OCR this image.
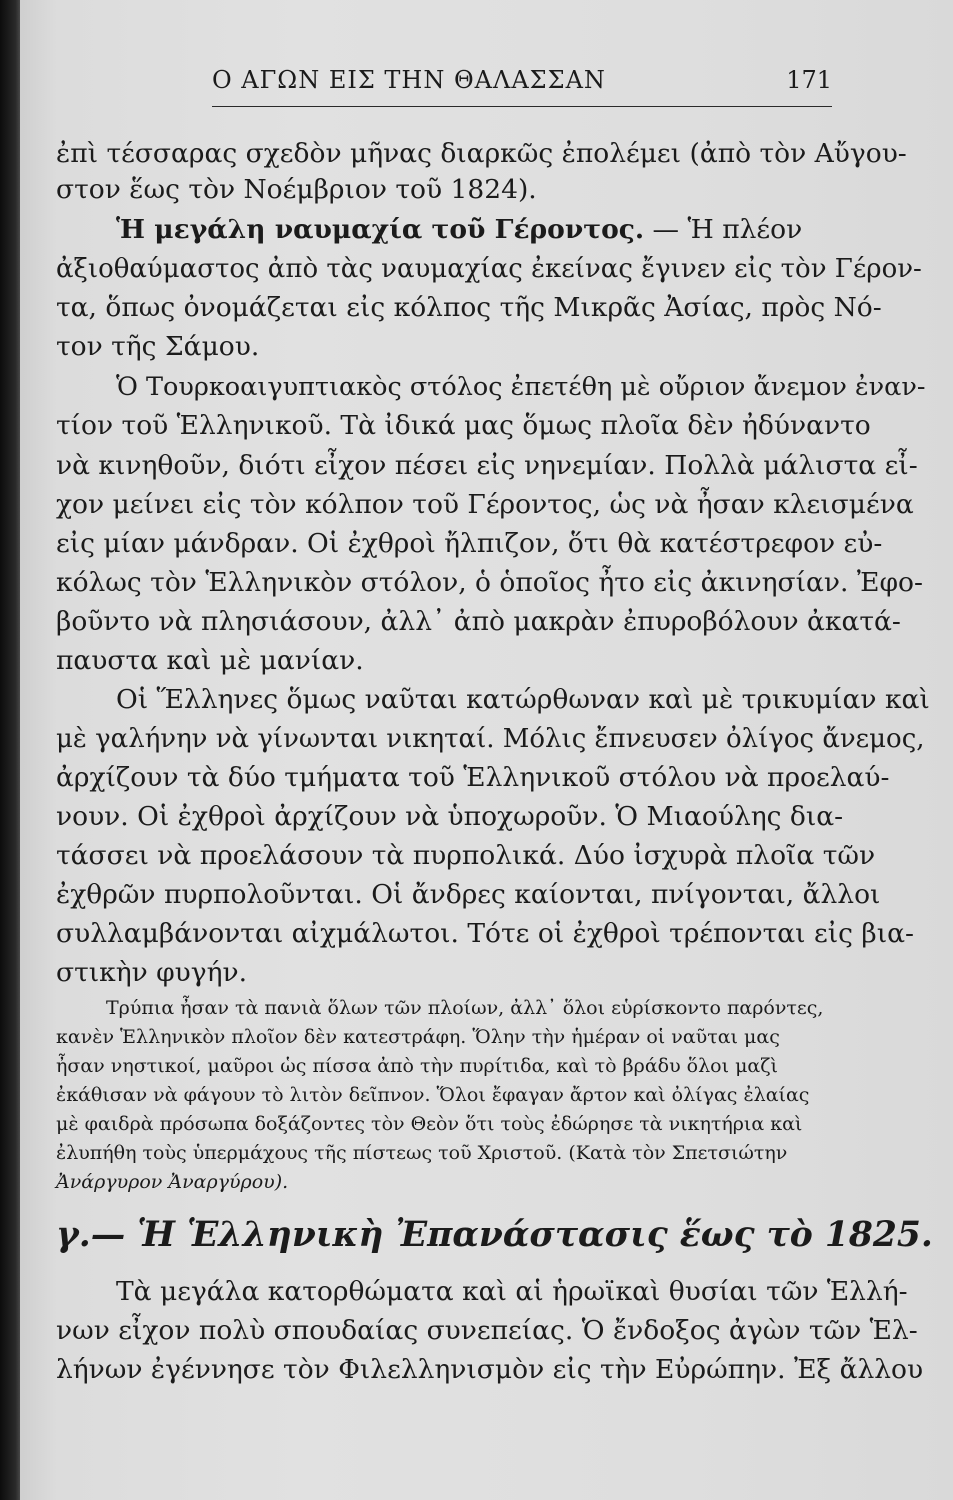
Ο ΑΓΩΝ ΕΙΣ ΤΗΝ ΘΑΛΑΣΣΑΝ	171
ἐπὶ τέσσαρας σχεδὸν μῆνας διαρκῶς ἐπολέμει (ἀπὸ τὸν Αὔγου-
στον ἕως τὸν Νοέμβριον τοῦ 1824).
Ἡ μεγάλη ναυμαχία τοῦ Γέροντος. — Ἡ πλέον
ἀξιοθαύμαστος ἀπὸ τὰς ναυμαχίας ἐκείνας ἔγινεν εἰς τὸν Γέρον-
τα, ὅπως ὀνομάζεται εἰς κόλπος τῆς Μικρᾶς Ἀσίας, πρὸς Νό-
τον τῆς Σάμου.
Ὁ Τουρκοαιγυπτιακὸς στόλος ἐπετέθη μὲ οὔριον ἄνεμον ἐναν-
τίον τοῦ Ἑλληνικοῦ. Τὰ ἰδικά μας ὅμως πλοῖα δὲν ἠδύναντο
νὰ κινηθοῦν, διότι εἶχον πέσει εἰς νηνεμίαν. Πολλὰ μάλιστα εἶ-
χον μείνει εἰς τὸν κόλπον τοῦ Γέροντος, ὡς νὰ ἦσαν κλεισμένα
εἰς μίαν μάνδραν. Οἱ ἐχθροὶ ἤλπιζον, ὅτι θὰ κατέστρεφον εὐ-
κόλως τὸν Ἑλληνικὸν στόλον, ὁ ὁποῖος ἦτο εἰς ἀκινησίαν. Ἐφο-
βοῦντο νὰ πλησιάσουν, ἀλλ᾽ ἀπὸ μακρὰν ἐπυροβόλουν ἀκατά-
παυστα καὶ μὲ μανίαν.
Οἱ Ἕλληνες ὅμως ναῦται κατώρθωναν καὶ μὲ τρικυμίαν καὶ
μὲ γαλήνην νὰ γίνωνται νικηταί. Μόλις ἔπνευσεν ὀλίγος ἄνεμος,
ἀρχίζουν τὰ δύο τμήματα τοῦ Ἑλληνικοῦ στόλου νὰ προελαύ-
νουν. Οἱ ἐχθροὶ ἀρχίζουν νὰ ὑποχωροῦν. Ὁ Μιαούλης δια-
τάσσει νὰ προελάσουν τὰ πυρπολικά. Δύο ἰσχυρὰ πλοῖα τῶν
ἐχθρῶν πυρπολοῦνται. Οἱ ἄνδρες καίονται, πνίγονται, ἄλλοι
συλλαμβάνονται αἰχμάλωτοι. Τότε οἱ ἐχθροὶ τρέπονται εἰς βια-
στικὴν φυγήν.
Τρύπια ἦσαν τὰ πανιὰ ὅλων τῶν πλοίων, ἀλλ᾽ ὅλοι εὑρίσκοντο παρόντες,
κανὲν Ἑλληνικὸν πλοῖον δὲν κατεστράφη. Ὅλην τὴν ἡμέραν οἱ ναῦται μας
ἦσαν νηστικοί, μαῦροι ὡς πίσσα ἀπὸ τὴν πυρίτιδα, καὶ τὸ βράδυ ὅλοι μαζὶ
ἐκάθισαν νὰ φάγουν τὸ λιτὸν δεῖπνον. Ὅλοι ἔφαγαν ἄρτον καὶ ὀλίγας ἐλαίας
μὲ φαιδρὰ πρόσωπα δοξάζοντες τὸν Θεὸν ὅτι τοὺς ἐδώρησε τὰ νικητήρια καὶ
ἐλυπήθη τοὺς ὑπερμάχους τῆς πίστεως τοῦ Χριστοῦ. (Κατὰ τὸν Σπετσιώτην
Ἀνάργυρον Ἀναργύρου).
γ.— Ἡ Ἑλληνικὴ Ἐπανάστασις ἕως τὸ 1825.
Τὰ μεγάλα κατορθώματα καὶ αἱ ἡρωϊκαὶ θυσίαι τῶν Ἑλλή-
νων εἶχον πολὺ σπουδαίας συνεπείας. Ὁ ἔνδοξος ἀγὼν τῶν Ἑλ-
λήνων ἐγέννησε τὸν Φιλελληνισμὸν εἰς τὴν Εὐρώπην. Ἐξ ἄλλου
